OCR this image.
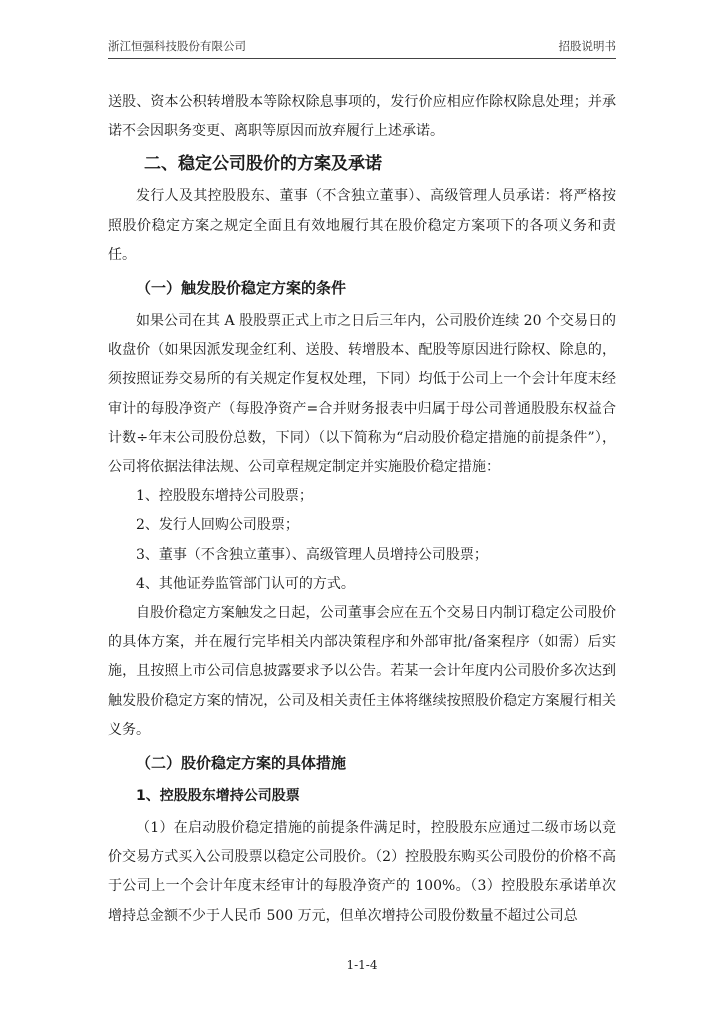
浙江恒强科技股份有限公司	招股说明书

送股、资本公积转增股本等除权除息事项的，发行价应相应作除权除息处理；并承诺不会因职务变更、离职等原因而放弃履行上述承诺。

二、稳定公司股价的方案及承诺

发行人及其控股股东、董事（不含独立董事）、高级管理人员承诺：将严格按照股价稳定方案之规定全面且有效地履行其在股价稳定方案项下的各项义务和责任。

（一）触发股价稳定方案的条件

如果公司在其 A 股股票正式上市之日后三年内，公司股价连续 20 个交易日的收盘价（如果因派发现金红利、送股、转增股本、配股等原因进行除权、除息的，须按照证券交易所的有关规定作复权处理，下同）均低于公司上一个会计年度末经审计的每股净资产（每股净资产=合并财务报表中归属于母公司普通股股东权益合计数÷年末公司股份总数，下同）（以下简称为“启动股价稳定措施的前提条件”），公司将依据法律法规、公司章程规定制定并实施股价稳定措施：

1、控股股东增持公司股票；

2、发行人回购公司股票；

3、董事（不含独立董事）、高级管理人员增持公司股票；

4、其他证券监管部门认可的方式。

自股价稳定方案触发之日起，公司董事会应在五个交易日内制订稳定公司股价的具体方案，并在履行完毕相关内部决策程序和外部审批/备案程序（如需）后实施，且按照上市公司信息披露要求予以公告。若某一会计年度内公司股价多次达到触发股价稳定方案的情况，公司及相关责任主体将继续按照股价稳定方案履行相关义务。

（二）股价稳定方案的具体措施
1、控股股东增持公司股票

（1）在启动股价稳定措施的前提条件满足时，控股股东应通过二级市场以竞价交易方式买入公司股票以稳定公司股价。（2）控股股东购买公司股份的价格不高于公司上一个会计年度末经审计的每股净资产的 100%。（3）控股股东承诺单次增持总金额不少于人民币 500 万元，但单次增持公司股份数量不超过公司总

1-1-4
